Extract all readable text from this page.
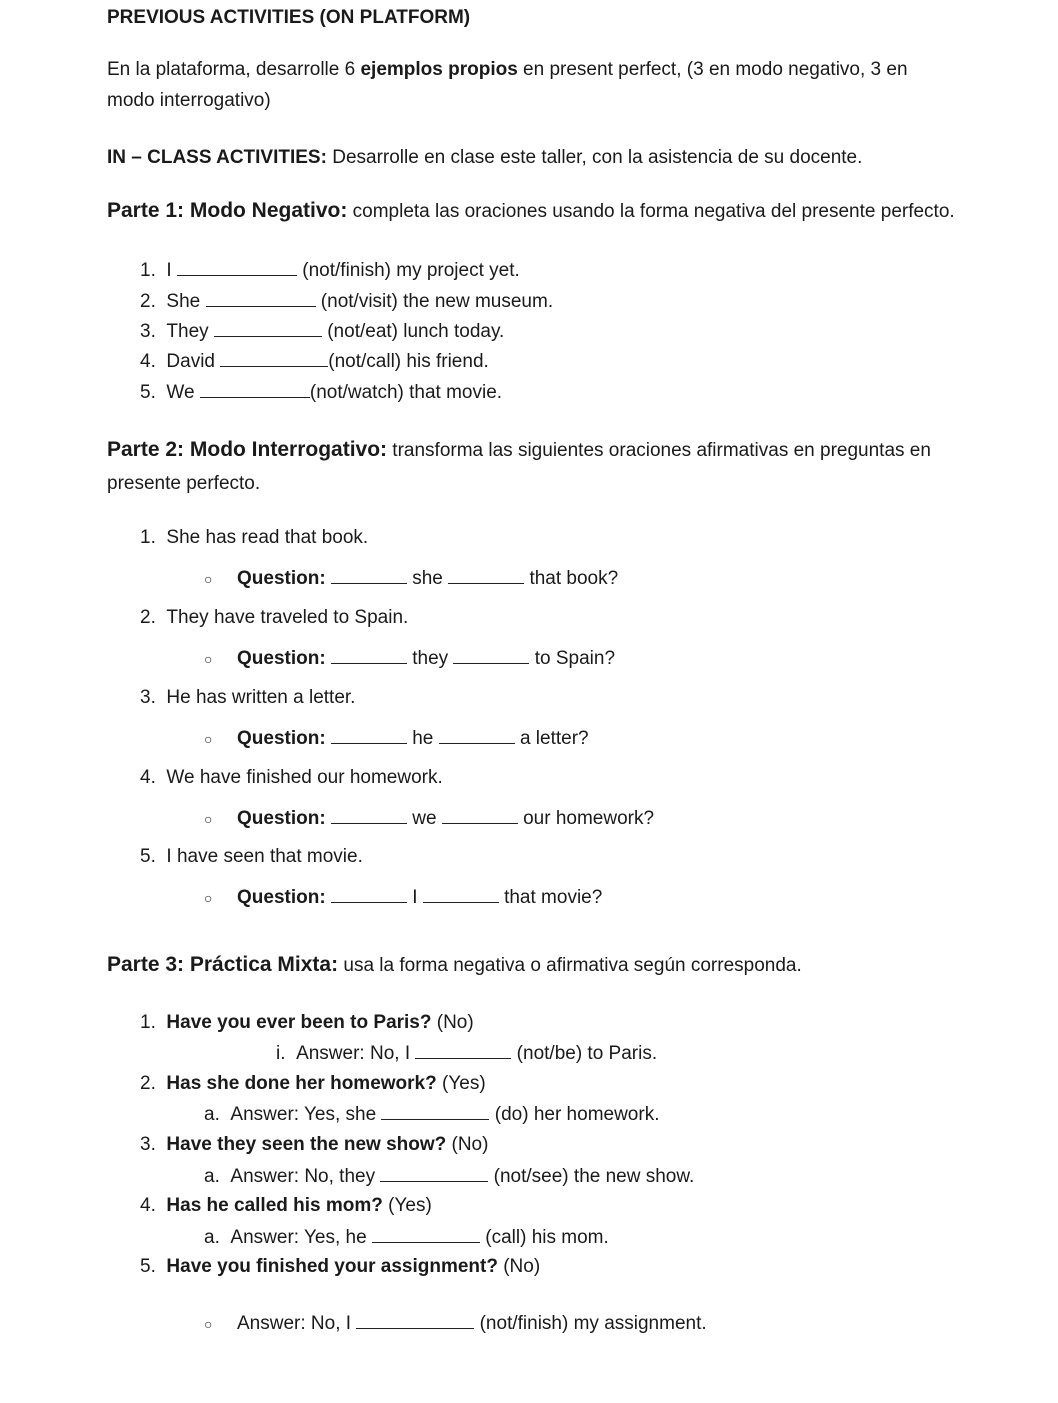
PREVIOUS ACTIVITIES (ON PLATFORM)
En la plataforma, desarrolle 6 ejemplos propios en present perfect, (3 en modo negativo, 3 en
modo interrogativo)
IN – CLASS ACTIVITIES: Desarrolle en clase este taller, con la asistencia de su docente.
Parte 1: Modo Negativo: completa las oraciones usando la forma negativa del presente perfecto.
1. I	(not/finish) my project yet.
2. She	(not/visit) the new museum.
3. They	(not/eat) lunch today.
4. David	(not/call) his friend.
5. We	(not/watch) that movie.
Parte 2: Modo Interrogativo: transforma las siguientes oraciones afirmativas en preguntas en
presente perfecto.
1. She has read that book.
○ Question:	she	that book?
2. They have traveled to Spain.
○ Question:	they	to Spain?
3. He has written a letter.
○ Question:	he	a letter?
4. We have finished our homework.
○ Question:	we	our homework?
5. I have seen that movie.
○ Question:	I	that movie?
Parte 3: Práctica Mixta: usa la forma negativa o afirmativa según corresponda.
1. Have you ever been to Paris? (No)
i. Answer: No, I	(not/be) to Paris.
2. Has she done her homework? (Yes)
a. Answer: Yes, she	(do) her homework.
3. Have they seen the new show? (No)
a. Answer: No, they	(not/see) the new show.
4. Has he called his mom? (Yes)
a. Answer: Yes, he	(call) his mom.
5. Have you finished your assignment? (No)
○ Answer: No, I	(not/finish) my assignment.
